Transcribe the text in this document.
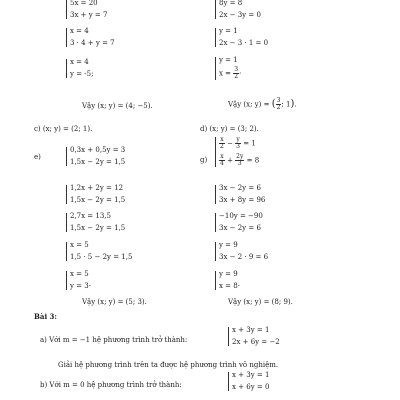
5x = 20
3x + y = 7
x = 4
3 · 4 + y = 7
x = 4
y = -5;
Vậy (x; y) = (4; −5).
8y = 8
2x − 3y = 0
y = 1
2x − 3 · 1 = 0
y = 1
$x = \frac{3}{2}$ ·
Vậy (x; y) = ( $\frac{3}{2}$ ; 1).
c) (x; y) = (2; 1).	d) (x; y) = (3; 2).
e)
0,3x + 0,5y = 3
1,5x − 2y = 1,5
1,2x + 2y = 12
1,5x − 2y = 1,5
2,7x = 13,5
1,5x − 2y = 1,5
x = 5
1,5 · 5 − 2y = 1,5
x = 5
y = 3·
Vậy (x; y) = (5; 3).
g)
$\frac{x}{2} - \frac{y}{3} = 1$
$\frac{x}{4} + \frac{2y}{3} = 8$
3x − 2y = 6
3x + 8y = 96
−10y = −90
3x − 2y = 6
y = 9
3x − 2 · 9 = 6
y = 9
x = 8·
Vậy (x; y) = (8; 9).
Bài 3:
a) Với m = −1 hệ phương trình trở thành:
x + 3y = 1
2x + 6y = −2
Giải hệ phương trình trên ta được hệ phương trình vô nghiệm.
b) Với m = 0 hệ phương trình trở thành:
x + 3y = 1
x + 6y = 0
